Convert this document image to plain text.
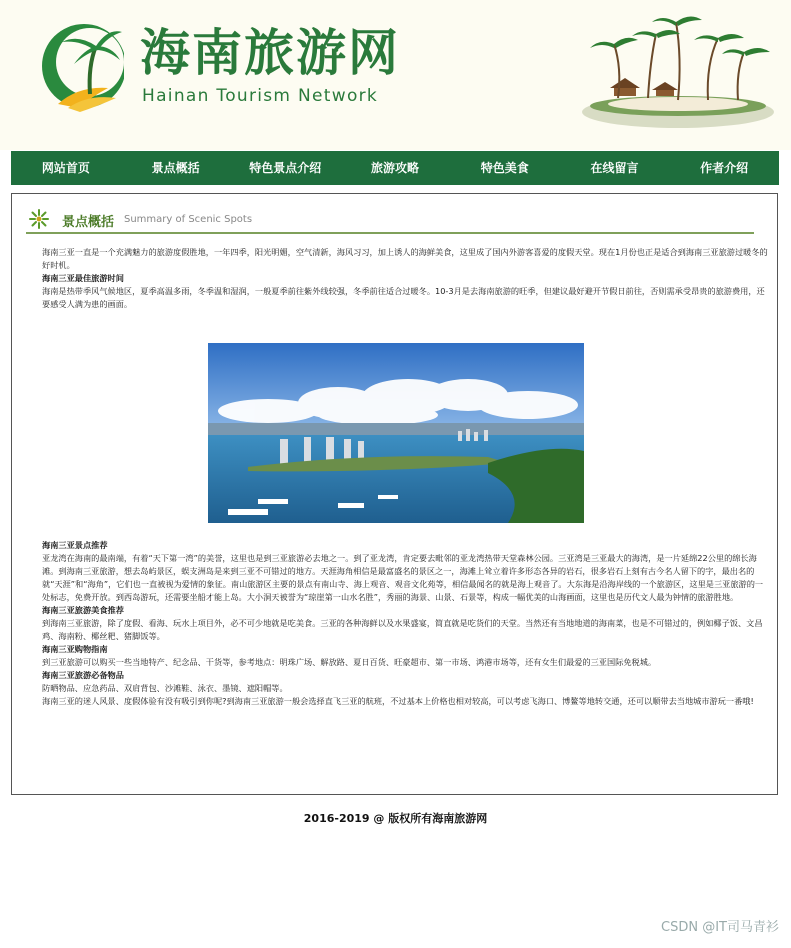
海南旅游网
Hainan Tourism Network
网站首页	景点概括	特色景点介绍	旅游攻略	特色美食	在线留言	作者介绍
景点概括 Summary of Scenic Spots
海南三亚一直是一个充满魅力的旅游度假胜地，一年四季，阳光明媚，空气清新，海风习习，加上诱人的海鲜美食，这里成了国内外游客喜爱的度假天堂。现在1月份也正是适合到海南三亚旅游过暖冬的好时机。
海南三亚最佳旅游时间
海南是热带季风气候地区，夏季高温多雨，冬季温和湿润，一般夏季前往紫外线较强，冬季前往适合过暖冬。10-3月是去海南旅游的旺季，但建议最好避开节假日前往，否则需承受昂贵的旅游费用，还要感受人满为患的画面。
海南三亚景点推荐
亚龙湾在海南的最南端，有着“天下第一湾”的美誉，这里也是到三亚旅游必去地之一。到了亚龙湾，肯定要去毗邻的亚龙湾热带天堂森林公园。三亚湾是三亚最大的海湾，是一片延绵22公里的绵长海滩。到海南三亚旅游，想去岛屿景区，蜈支洲岛是来到三亚不可错过的地方。天涯海角相信是最富盛名的景区之一，海滩上耸立着许多形态各异的岩石，很多岩石上刻有古今名人留下的字，最出名的就“天涯”和“海角”，它们也一直被视为爱情的象征。南山旅游区主要的景点有南山寺、海上观音、观音文化苑等，相信最闻名的就是海上观音了。大东海是沿海岸线的一个旅游区，这里是三亚旅游的一处标志，免费开放。到西岛游玩，还需要坐船才能上岛。大小洞天被誉为“琼崖第一山水名胜”，秀丽的海景、山景、石景等，构成一幅优美的山海画面，这里也是历代文人最为钟情的旅游胜地。
海南三亚旅游美食推荐
到海南三亚旅游，除了度假、看海、玩水上项目外，必不可少地就是吃美食。三亚的各种海鲜以及水果盛宴，简直就是吃货们的天堂。当然还有当地地道的海南菜，也是不可错过的，例如椰子饭、文昌鸡、海南粉、椰丝粑、猪脚饭等。
海南三亚购物指南
到三亚旅游可以购买一些当地特产、纪念品、干货等，参考地点：明珠广场、解放路、夏日百货、旺豪超市、第一市场、鸿港市场等，还有女生们最爱的三亚国际免税城。
海南三亚旅游必备物品
防晒物品、应急药品、双肩背包、沙滩鞋、泳衣、墨镜、遮阳帽等。
海南三亚的迷人风景、度假体验有没有吸引到你呢?到海南三亚旅游一般会选择直飞三亚的航班，不过基本上价格也相对较高，可以考虑飞海口、博鳌等地转交通，还可以顺带去当地城市游玩一番哦!
2016-2019 @ 版权所有海南旅游网
CSDN @IT司马青衫
